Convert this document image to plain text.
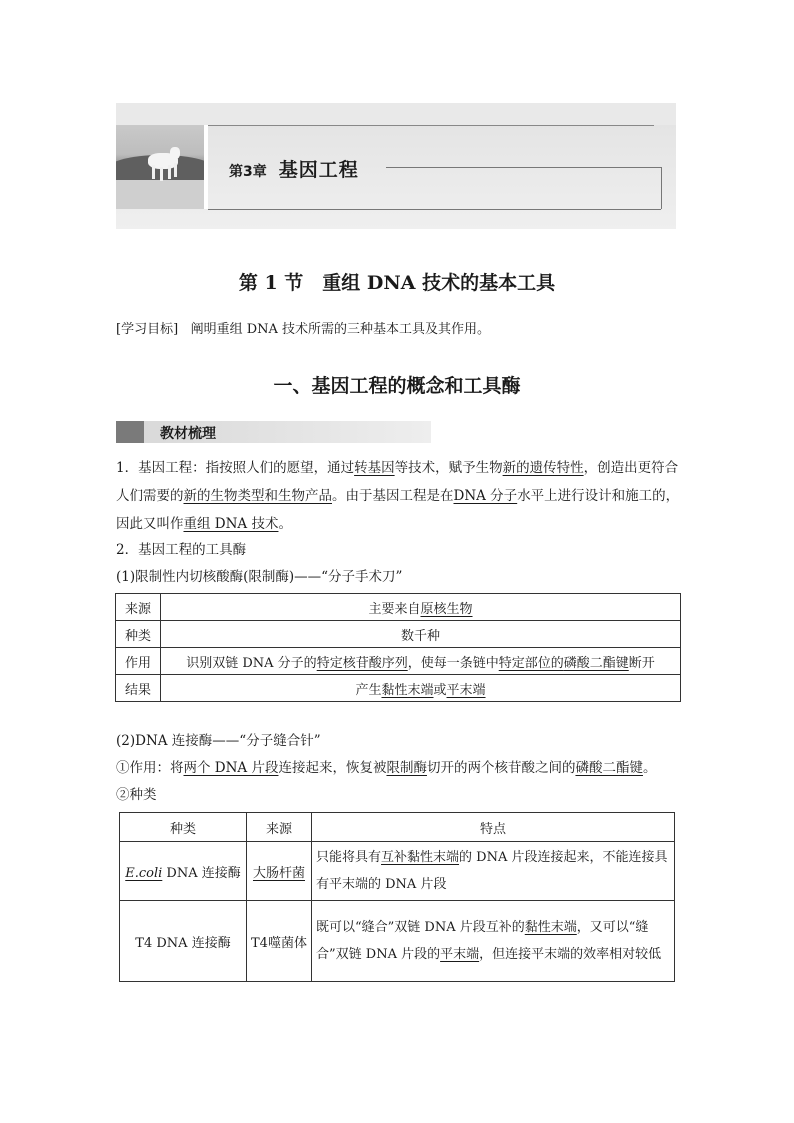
第3章 基因工程
第 1 节　重组 DNA 技术的基本工具
[学习目标] 阐明重组 DNA 技术所需的三种基本工具及其作用。
一、基因工程的概念和工具酶
教材梳理
1．基因工程：指按照人们的愿望，通过转基因等技术，赋予生物新的遗传特性，创造出更符合人们需要的新的生物类型和生物产品。由于基因工程是在DNA 分子水平上进行设计和施工的，因此又叫作重组 DNA 技术。
2．基因工程的工具酶
(1)限制性内切核酸酶(限制酶)——“分子手术刀”
来源	主要来自原核生物
种类	数千种
作用	识别双链 DNA 分子的特定核苷酸序列，使每一条链中特定部位的磷酸二酯键断开
结果	产生黏性末端或平末端
(2)DNA 连接酶——“分子缝合针”
①作用：将两个 DNA 片段连接起来，恢复被限制酶切开的两个核苷酸之间的磷酸二酯键。
②种类
种类	来源	特点
E.coli DNA 连接酶	大肠杆菌	只能将具有互补黏性末端的 DNA 片段连接起来，不能连接具有平末端的 DNA 片段
T4 DNA 连接酶	T4噬菌体	既可以“缝合”双链 DNA 片段互补的黏性末端，又可以“缝合”双链 DNA 片段的平末端，但连接平末端的效率相对较低
